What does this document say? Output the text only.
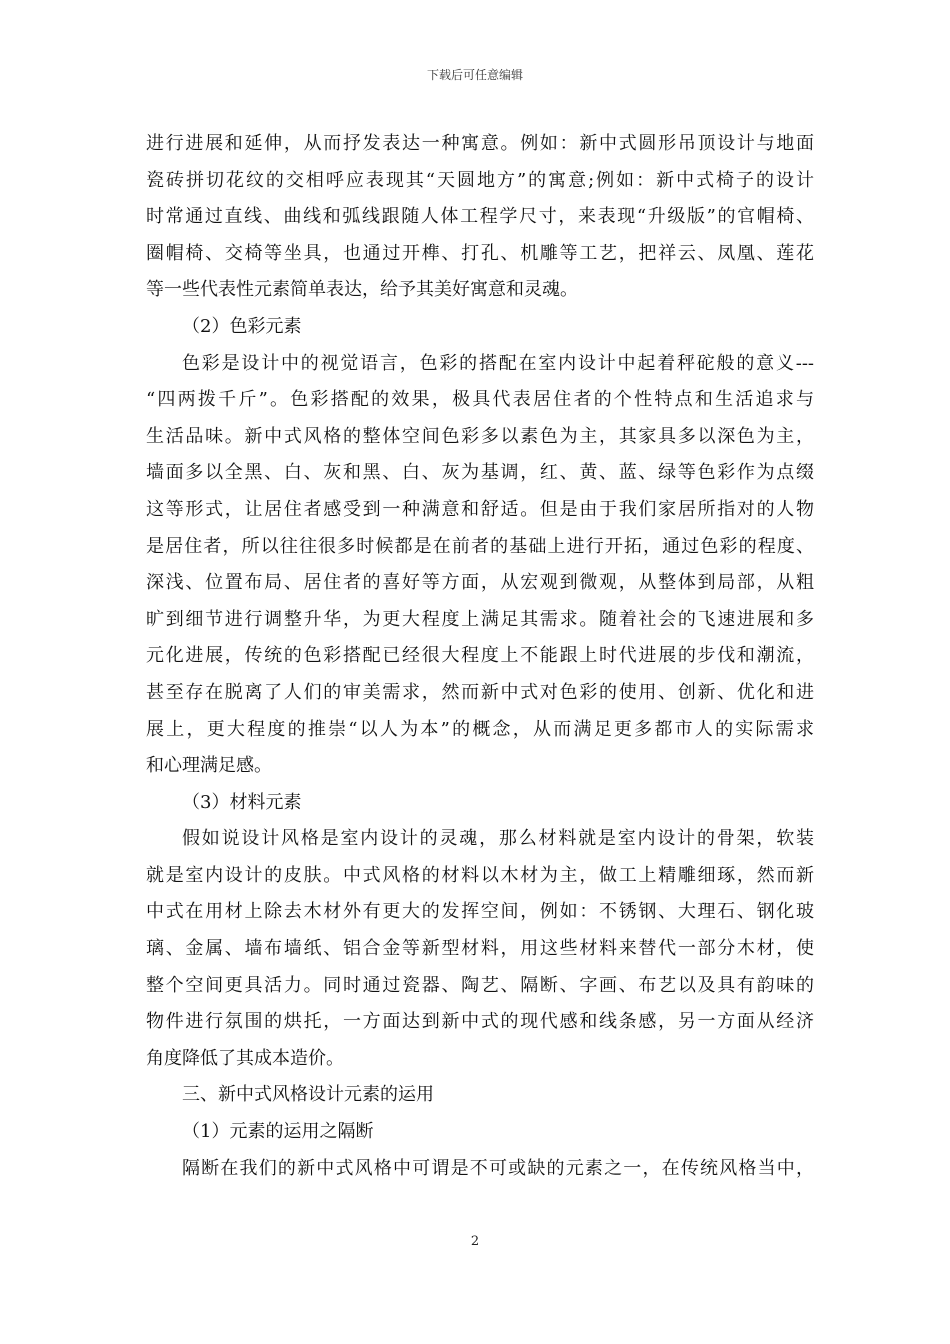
下载后可任意编辑
进行进展和延伸，从而抒发表达一种寓意。例如：新中式圆形吊顶设计与地面
瓷砖拼切花纹的交相呼应表现其“天圆地方”的寓意;例如：新中式椅子的设计
时常通过直线、曲线和弧线跟随人体工程学尺寸，来表现“升级版”的官帽椅、
圈帽椅、交椅等坐具，也通过开榫、打孔、机雕等工艺，把祥云、凤凰、莲花
等一些代表性元素简单表达，给予其美好寓意和灵魂。
（2）色彩元素
色彩是设计中的视觉语言，色彩的搭配在室内设计中起着秤砣般的意义---
“四两拨千斤”。色彩搭配的效果，极具代表居住者的个性特点和生活追求与
生活品味。新中式风格的整体空间色彩多以素色为主，其家具多以深色为主，
墙面多以全黑、白、灰和黑、白、灰为基调，红、黄、蓝、绿等色彩作为点缀
这等形式，让居住者感受到一种满意和舒适。但是由于我们家居所指对的人物
是居住者，所以往往很多时候都是在前者的基础上进行开拓，通过色彩的程度、
深浅、位置布局、居住者的喜好等方面，从宏观到微观，从整体到局部，从粗
旷到细节进行调整升华，为更大程度上满足其需求。随着社会的飞速进展和多
元化进展，传统的色彩搭配已经很大程度上不能跟上时代进展的步伐和潮流，
甚至存在脱离了人们的审美需求，然而新中式对色彩的使用、创新、优化和进
展上，更大程度的推崇“以人为本”的概念，从而满足更多都市人的实际需求
和心理满足感。
（3）材料元素
假如说设计风格是室内设计的灵魂，那么材料就是室内设计的骨架，软装
就是室内设计的皮肤。中式风格的材料以木材为主，做工上精雕细琢，然而新
中式在用材上除去木材外有更大的发挥空间，例如：不锈钢、大理石、钢化玻
璃、金属、墙布墙纸、铝合金等新型材料，用这些材料来替代一部分木材，使
整个空间更具活力。同时通过瓷器、陶艺、隔断、字画、布艺以及具有韵味的
物件进行氛围的烘托，一方面达到新中式的现代感和线条感，另一方面从经济
角度降低了其成本造价。
三、新中式风格设计元素的运用
（1）元素的运用之隔断
隔断在我们的新中式风格中可谓是不可或缺的元素之一，在传统风格当中，
2
